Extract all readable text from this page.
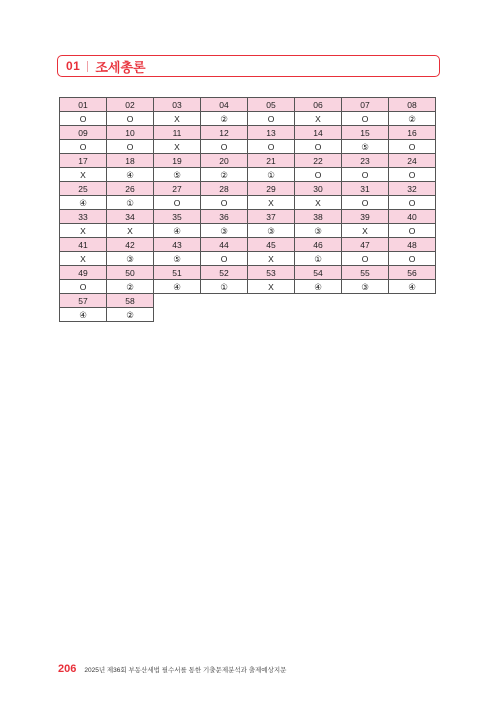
01 조세총론
01	02	03	04	05	06	07	08
O	O	X	②	O	X	O	②
09	10	11	12	13	14	15	16
O	O	X	O	O	O	⑤	O
17	18	19	20	21	22	23	24
X	④	⑤	②	①	O	O	O
25	26	27	28	29	30	31	32
④	①	O	O	X	X	O	O
33	34	35	36	37	38	39	40
X	X	④	③	③	③	X	O
41	42	43	44	45	46	47	48
X	③	⑤	O	X	①	O	O
49	50	51	52	53	54	55	56
O	②	④	①	X	④	③	④
57	58						
④	②						
206 2025년 제36회 부동산세법 필수서를 통한 기출문제분석과 출제예상지문
